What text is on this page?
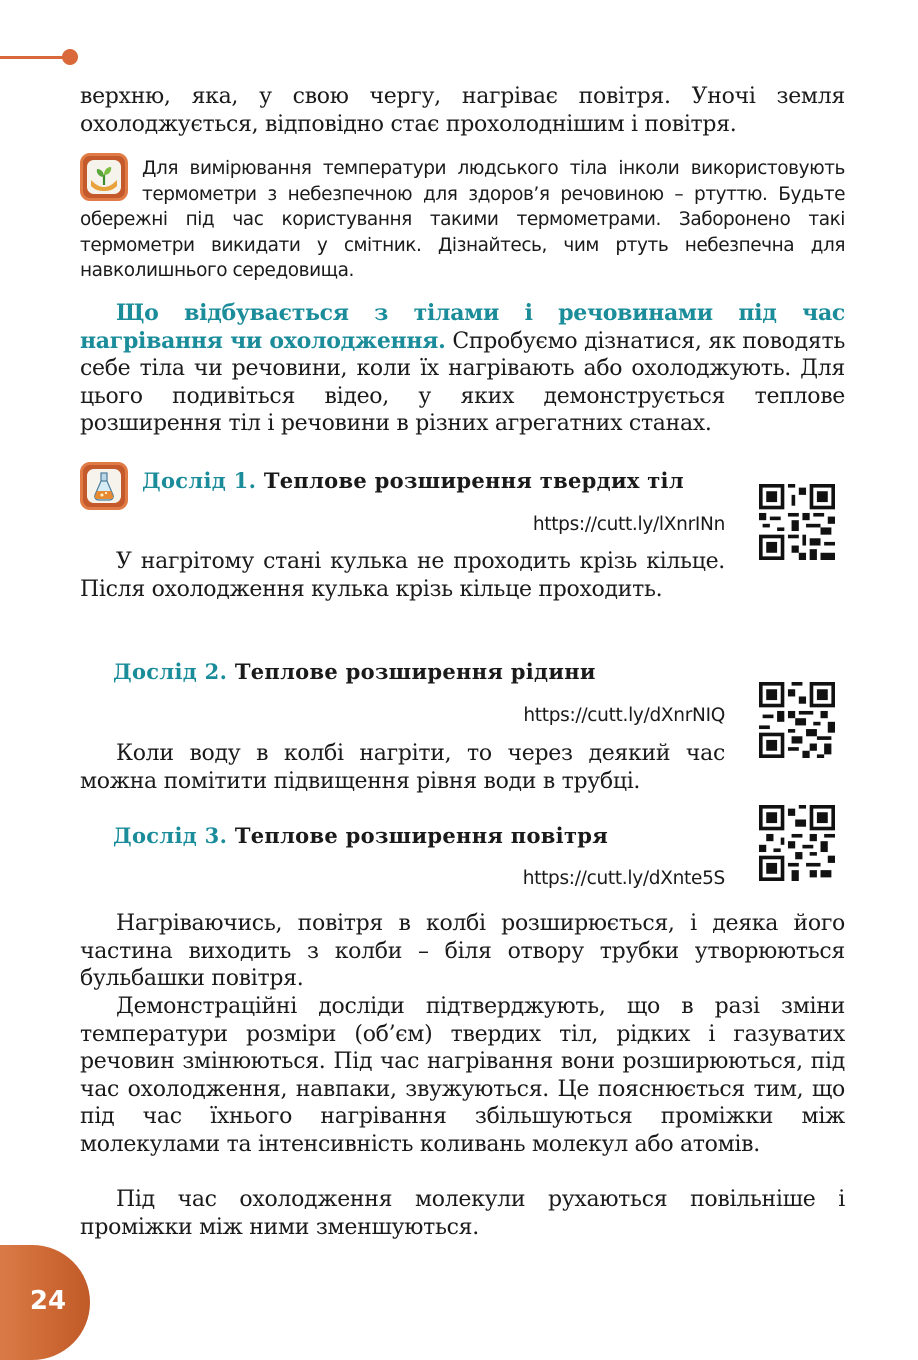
верхню, яка, у свою чергу, нагріває повітря. Уночі земля охолоджується, відповідно стає прохолоднішим і повітря.

Для вимірювання температури людського тіла інколи використовують термометри з небезпечною для здоров’я речовиною – ртуттю. Будьте обережні під час користування такими термометрами. Заборонено такі термометри викидати у смітник. Дізнайтесь, чим ртуть небезпечна для навколишнього середовища.

Що відбувається з тілами і речовинами під час нагрівання чи охолодження. Спробуємо дізнатися, як поводять себе тіла чи речовини, коли їх нагрівають або охолоджують. Для цього подивіться відео, у яких демонструється теплове розширення тіл і речовини в різних агрегатних станах.

Дослід 1. Теплове розширення твердих тіл

https://cutt.ly/lXnrINn

У нагрітому стані кулька не проходить крізь кільце. Після охолодження кулька крізь кільце проходить.

Дослід 2. Теплове розширення рідини

https://cutt.ly/dXnrNIQ

Коли воду в колбі нагріти, то через деякий час можна помітити підвищення рівня води в трубці.

Дослід 3. Теплове розширення повітря

https://cutt.ly/dXnte5S

Нагріваючись, повітря в колбі розширюється, і деяка його частина виходить з колби – біля отвору трубки утворюються бульбашки повітря.

Демонстраційні досліди підтверджують, що в разі зміни температури розміри (об’єм) твердих тіл, рідких і газуватих речовин змінюються. Під час нагрівання вони розширюються, під час охолодження, навпаки, звужуються. Це пояснюється тим, що під час їхнього нагрівання збільшуються проміжки між молекулами та інтенсивність коливань молекул або атомів.

Під час охолодження молекули рухаються повільніше і проміжки між ними зменшуються.

24
